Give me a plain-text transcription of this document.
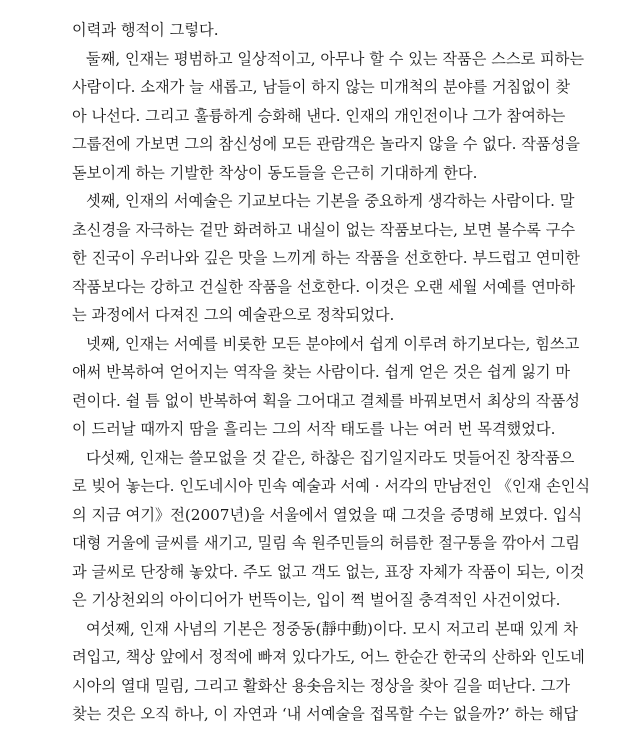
이력과 행적이 그렇다.
둘째, 인재는 평범하고 일상적이고, 아무나 할 수 있는 작품은 스스로 피하는
사람이다. 소재가 늘 새롭고, 남들이 하지 않는 미개척의 분야를 거침없이 찾
아 나선다. 그리고 훌륭하게 승화해 낸다. 인재의 개인전이나 그가 참여하는
그룹전에 가보면 그의 참신성에 모든 관람객은 놀라지 않을 수 없다. 작품성을
돋보이게 하는 기발한 착상이 동도들을 은근히 기대하게 한다.
셋째, 인재의 서예술은 기교보다는 기본을 중요하게 생각하는 사람이다. 말
초신경을 자극하는 겉만 화려하고 내실이 없는 작품보다는, 보면 볼수록 구수
한 진국이 우러나와 깊은 맛을 느끼게 하는 작품을 선호한다. 부드럽고 연미한
작품보다는 강하고 건실한 작품을 선호한다. 이것은 오랜 세월 서예를 연마하
는 과정에서 다져진 그의 예술관으로 정착되었다.
넷째, 인재는 서예를 비롯한 모든 분야에서 쉽게 이루려 하기보다는, 힘쓰고
애써 반복하여 얻어지는 역작을 찾는 사람이다. 쉽게 얻은 것은 쉽게 잃기 마
련이다. 쉴 틈 없이 반복하여 획을 그어대고 결체를 바꿔보면서 최상의 작품성
이 드러날 때까지 땀을 흘리는 그의 서작 태도를 나는 여러 번 목격했었다.
다섯째, 인재는 쓸모없을 것 같은, 하찮은 집기일지라도 멋들어진 창작품으
로 빚어 놓는다. 인도네시아 민속 예술과 서예 · 서각의 만남전인 《인재 손인식
의 지금 여기》전(2007년)을 서울에서 열었을 때 그것을 증명해 보였다. 입식
대형 거울에 글씨를 새기고, 밀림 속 원주민들의 허름한 절구통을 깎아서 그림
과 글씨로 단장해 놓았다. 주도 없고 객도 없는, 표장 자체가 작품이 되는, 이것
은 기상천외의 아이디어가 번뜩이는, 입이 쩍 벌어질 충격적인 사건이었다.
여섯째, 인재 사념의 기본은 정중동(靜中動)이다. 모시 저고리 본때 있게 차
려입고, 책상 앞에서 정적에 빠져 있다가도, 어느 한순간 한국의 산하와 인도네
시아의 열대 밀림, 그리고 활화산 용솟음치는 정상을 찾아 길을 떠난다. 그가
찾는 것은 오직 하나, 이 자연과 ‘내 서예술을 접목할 수는 없을까?’ 하는 해답
